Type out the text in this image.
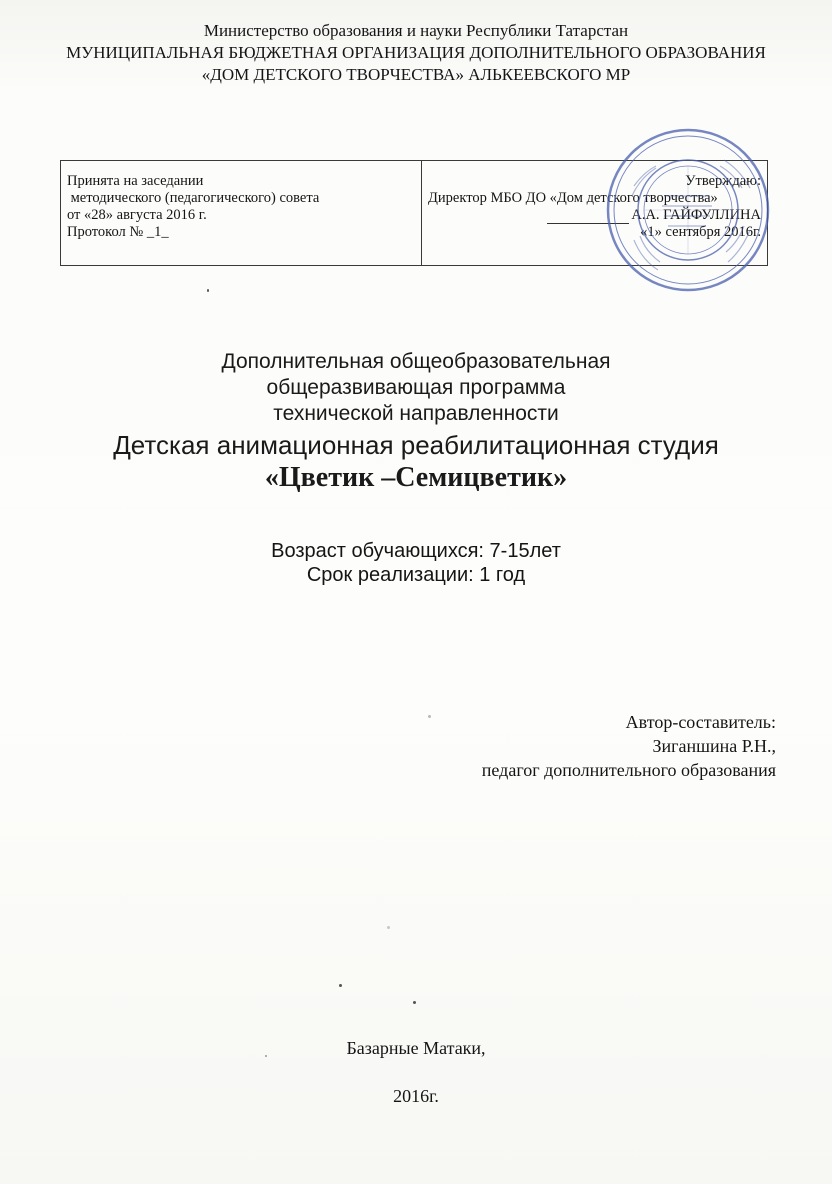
Министерство образования и науки Республики Татарстан
МУНИЦИПАЛЬНАЯ БЮДЖЕТНАЯ ОРГАНИЗАЦИЯ ДОПОЛНИТЕЛЬНОГО ОБРАЗОВАНИЯ
«ДОМ ДЕТСКОГО ТВОРЧЕСТВА» АЛЬКЕЕВСКОГО МР
Принята на заседании
методического (педагогического) совета
от «28» августа 2016 г.
Протокол № _1_
Утверждаю:
Директор МБО ДО «Дом детского творчества»
А.А. ГАЙФУЛЛИНА
«1» сентября 2016г.
Дополнительная общеобразовательная
общеразвивающая программа
технической направленности
Детская анимационная реабилитационная студия
«Цветик –Семицветик»
Возраст обучающихся: 7-15лет
Срок реализации: 1 год
Автор-составитель:
Зиганшина Р.Н.,
педагог дополнительного образования
Базарные Матаки,
2016г.
